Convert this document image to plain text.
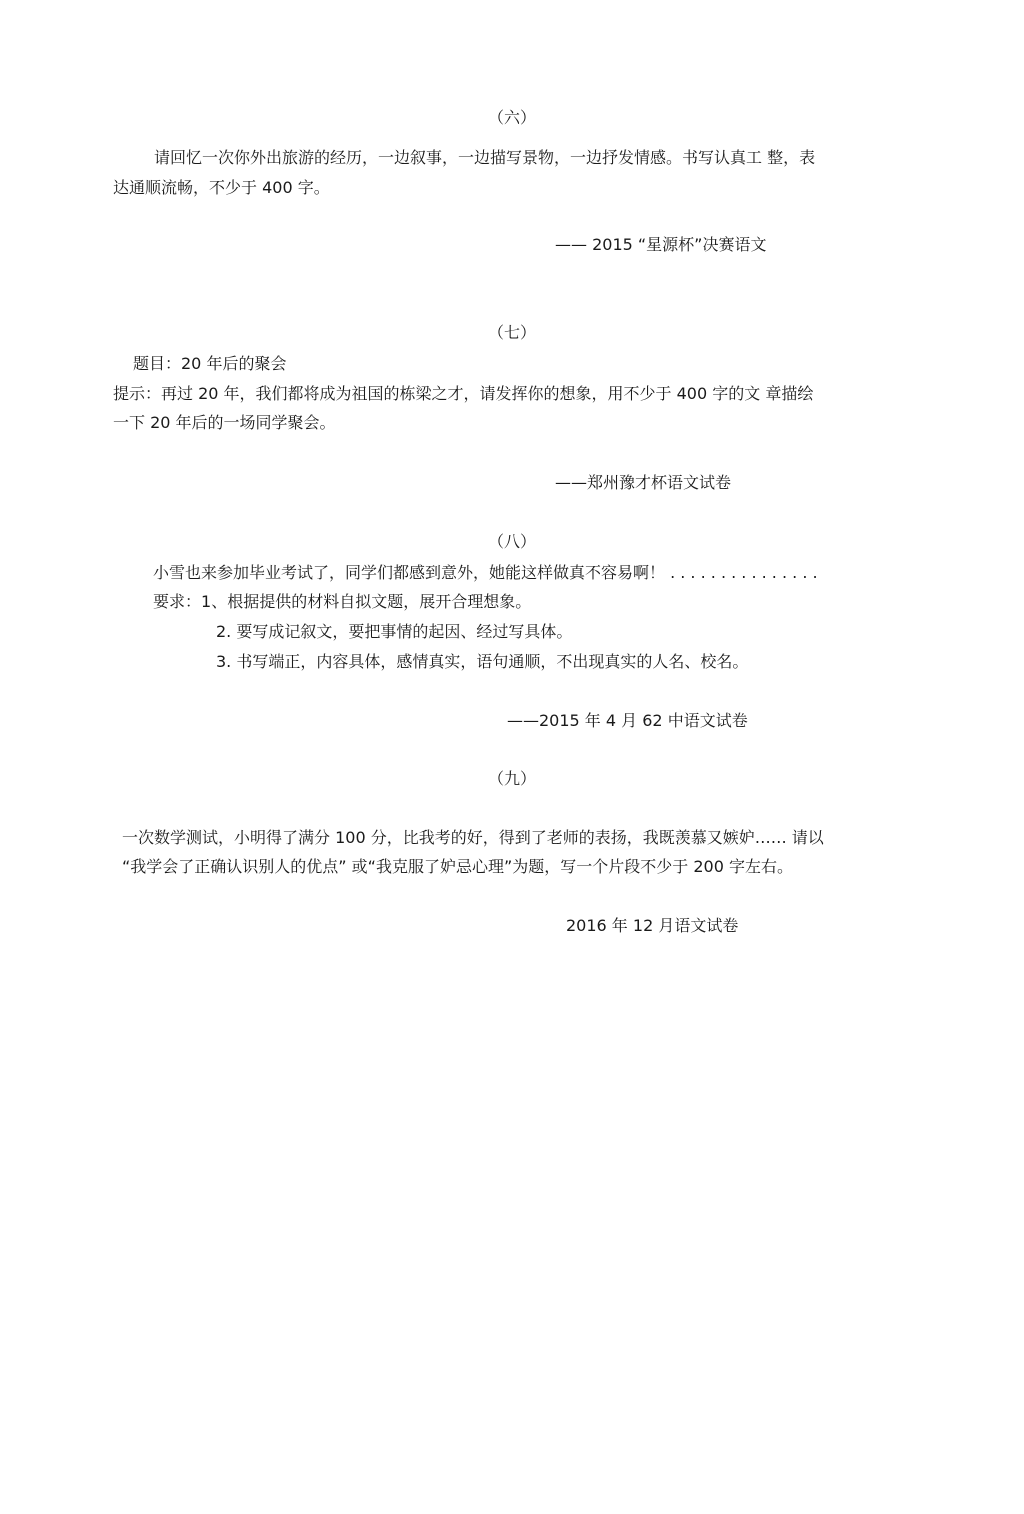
（六）
请回忆一次你外出旅游的经历，一边叙事，一边描写景物，一边抒发情感。书写认真工 整，表
达通顺流畅，不少于 400 字。
—— 2015 “星源杯”决赛语文
（七）
题目：20 年后的聚会
提示：再过 20 年，我们都将成为祖国的栋梁之才，请发挥你的想象，用不少于 400 字的文 章描绘
一下 20 年后的一场同学聚会。
——郑州豫才杯语文试卷
（八）
小雪也来参加毕业考试了，同学们都感到意外，她能这样做真不容易啊！ . . . . . . . . . . . . . . .
要求：1、根据提供的材料自拟文题，展开合理想象。
2. 要写成记叙文，要把事情的起因、经过写具体。
3. 书写端正，内容具体，感情真实，语句通顺，不出现真实的人名、校名。
——2015 年 4 月 62 中语文试卷
（九）
一次数学测试，小明得了满分 100 分，比我考的好，得到了老师的表扬，我既羡慕又嫉妒…… 请以
“我学会了正确认识别人的优点” 或“我克服了妒忌心理”为题，写一个片段不少于 200 字左右。
2016 年 12 月语文试卷
